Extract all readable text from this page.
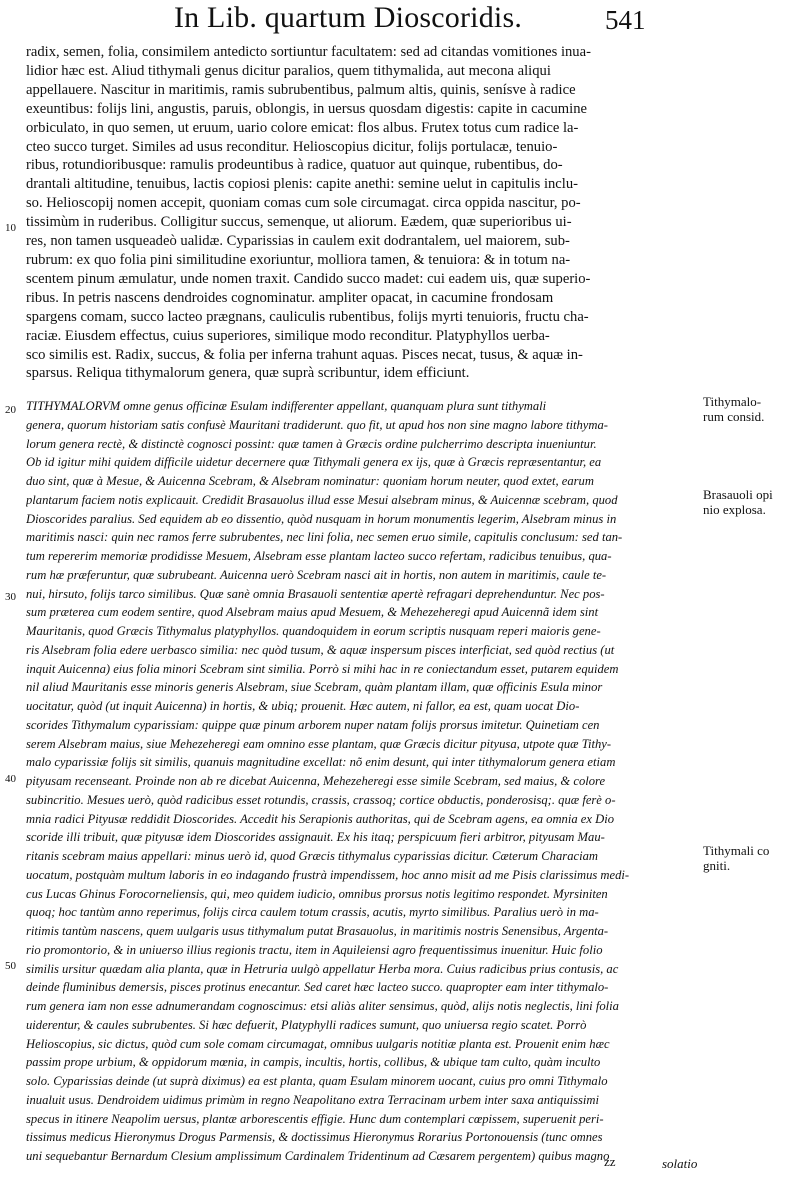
In Lib. quartum Dioscoridis.	541
radix, semen, folia, consimilem antedicto sortiuntur facultatem: sed ad citandas vomitiones inua-
lidior hæc est. Aliud tithymali genus dicitur paralios, quem tithymalida, aut mecona aliqui
appellauere. Nascitur in maritimis, ramis subrubentibus, palmum altis, quinis, senísve à radice
exeuntibus: folijs lini, angustis, paruis, oblongis, in uersus quosdam digestis: capite in cacumine
orbiculato, in quo semen, ut eruum, uario colore emicat: flos albus. Frutex totus cum radice la-
cteo succo turget. Similes ad usus reconditur. Helioscopius dicitur, folijs portulacæ, tenuio-
ribus, rotundioribusque: ramulis prodeuntibus à radice, quatuor aut quinque, rubentibus, do-
drantali altitudine, tenuibus, lactis copiosi plenis: capite anethi: semine uelut in capitulis inclu-
so. Helioscopij nomen accepit, quoniam comas cum sole circumagat. circa oppida nascitur, po-
tissimùm in ruderibus. Colligitur succus, semenque, ut aliorum. Eædem, quæ superioribus ui-
res, non tamen usqueadeò ualidæ. Cyparissias in caulem exit dodrantalem, uel maiorem, sub-
rubrum: ex quo folia pini similitudine exoriuntur, molliora tamen, & tenuiora: & in totum na-
scentem pinum æmulatur, unde nomen traxit. Candido succo madet: cui eadem uis, quæ superio-
ribus. In petris nascens dendroides cognominatur. ampliter opacat, in cacumine frondosam
spargens comam, succo lacteo prægnans, cauliculis rubentibus, folijs myrti tenuioris, fructu cha-
raciæ. Eiusdem effectus, cuius superiores, similique modo reconditur. Platyphyllos uerba-
sco similis est. Radix, succus, & folia per inferna trahunt aquas. Pisces necat, tusus, & aquæ in-
sparsus. Reliqua tithymalorum genera, quæ suprà scribuntur, idem efficiunt.
TITHYMALORVM omne genus officinæ Esulam indifferenter appellant, quanquam plura sunt tithymali
genera, quorum historiam satis confusè Mauritani tradiderunt. quo fit, ut apud hos non sine magno labore tithyma-
lorum genera rectè, & distinctè cognosci possint: quæ tamen à Græcis ordine pulcherrimo descripta inueniuntur.
Ob id igitur mihi quidem difficile uidetur decernere quæ Tithymali genera ex ijs, quæ à Græcis repræsentantur, ea
duo sint, quæ à Mesue, & Auicenna Scebram, & Alsebram nominatur: quoniam horum neuter, quod extet, earum
plantarum faciem notis explicauit. Credidit Brasauolus illud esse Mesui alsebram minus, & Auicennæ scebram, quod
Dioscorides paralius. Sed equidem ab eo dissentio, quòd nusquam in horum monumentis legerim, Alsebram minus in
maritimis nasci: quin nec ramos ferre subrubentes, nec lini folia, nec semen eruo simile, capitulis conclusum: sed tan-
tum repererim memoriæ prodidisse Mesuem, Alsebram esse plantam lacteo succo refertam, radicibus tenuibus, qua-
rum hæ præferuntur, quæ subrubeant. Auicenna uerò Scebram nasci ait in hortis, non autem in maritimis, caule te-
nui, hirsuto, folijs tarco similibus. Quæ sanè omnia Brasauoli sententiæ apertè refragari deprehenduntur. Nec pos-
sum præterea cum eodem sentire, quod Alsebram maius apud Mesuem, & Mehezeheregi apud Auicennã idem sint
Mauritanis, quod Græcis Tithymalus platyphyllos. quandoquidem in eorum scriptis nusquam reperi maioris gene-
ris Alsebram folia edere uerbasco similia: nec quòd tusum, & aquæ inspersum pisces interficiat, sed quòd rectius (ut
inquit Auicenna) eius folia minori Scebram sint similia. Porrò si mihi hac in re coniectandum esset, putarem equidem
nil aliud Mauritanis esse minoris generis Alsebram, siue Scebram, quàm plantam illam, quæ officinis Esula minor
uocitatur, quòd (ut inquit Auicenna) in hortis, & ubiq; prouenit. Hæc autem, ni fallor, ea est, quam uocat Dio-
scorides Tithymalum cyparissiam: quippe quæ pinum arborem nuper natam folijs prorsus imitetur. Quinetiam cen
serem Alsebram maius, siue Mehezeheregi eam omnino esse plantam, quæ Græcis dicitur pityusa, utpote quæ Tithy-
malo cyparissiæ folijs sit similis, quanuis magnitudine excellat: nõ enim desunt, qui inter tithymalorum genera etiam
pityusam recenseant. Proinde non ab re dicebat Auicenna, Mehezeheregi esse simile Scebram, sed maius, & colore
subincritio. Mesues uerò, quòd radicibus esset rotundis, crassis, crassoq; cortice obductis, ponderosisq;. quæ ferè o-
mnia radici Pityusæ reddidit Dioscorides. Accedit his Serapionis authoritas, qui de Scebram agens, ea omnia ex Dio
scoride illi tribuit, quæ pityusæ idem Dioscorides assignauit. Ex his itaq; perspicuum fieri arbitror, pityusam Mau-
ritanis scebram maius appellari: minus uerò id, quod Græcis tithymalus cyparissias dicitur. Cæterum Characiam
uocatum, postquàm multum laboris in eo indagando frustrà impendissem, hoc anno misit ad me Pisis clarissimus medi-
cus Lucas Ghinus Forocorneliensis, qui, meo quidem iudicio, omnibus prorsus notis legitimo respondet. Myrsiniten
quoq; hoc tantùm anno reperimus, folijs circa caulem totum crassis, acutis, myrto similibus. Paralius uerò in ma-
ritimis tantùm nascens, quem uulgaris usus tithymalum putat Brasauolus, in maritimis nostris Senensibus, Argenta-
rio promontorio, & in uniuerso illius regionis tractu, item in Aquileiensi agro frequentissimus inuenitur. Huic folio
similis ursitur quædam alia planta, quæ in Hetruria uulgò appellatur Herba mora. Cuius radicibus prius contusis, ac
deinde fluminibus demersis, pisces protinus enecantur. Sed caret hæc lacteo succo. quapropter eam inter tithymalo-
rum genera iam non esse adnumerandam cognoscimus: etsi aliàs aliter sensimus, quòd, alijs notis neglectis, lini folia
uiderentur, & caules subrubentes. Si hæc defuerit, Platyphylli radices sumunt, quo uniuersa regio scatet. Porrò
Helioscopius, sic dictus, quòd cum sole comam circumagat, omnibus uulgaris notitiæ planta est. Prouenit enim hæc
passim prope urbium, & oppidorum mœnia, in campis, incultis, hortis, collibus, & ubique tam culto, quàm inculto
solo. Cyparissias deinde (ut suprà diximus) ea est planta, quam Esulam minorem uocant, cuius pro omni Tithymalo
inualuit usus. Dendroidem uidimus primùm in regno Neapolitano extra Terracinam urbem inter saxa antiquissimi
specus in itinere Neapolim uersus, plantæ arborescentis effigie. Hunc dum contemplari cœpissem, superuenit peri-
tissimus medicus Hieronymus Drogus Parmensis, & doctissimus Hieronymus Rorarius Portonouensis (tunc omnes
uni sequebantur Bernardum Clesium amplissimum Cardinalem Tridentinum ad Cæsarem pergentem) quibus magno
10
20
30
40
50
Tithymalo-
rum consid.
Brasauoli opi
nio explosa.
Tithymali co
gniti.
zz	solatio
